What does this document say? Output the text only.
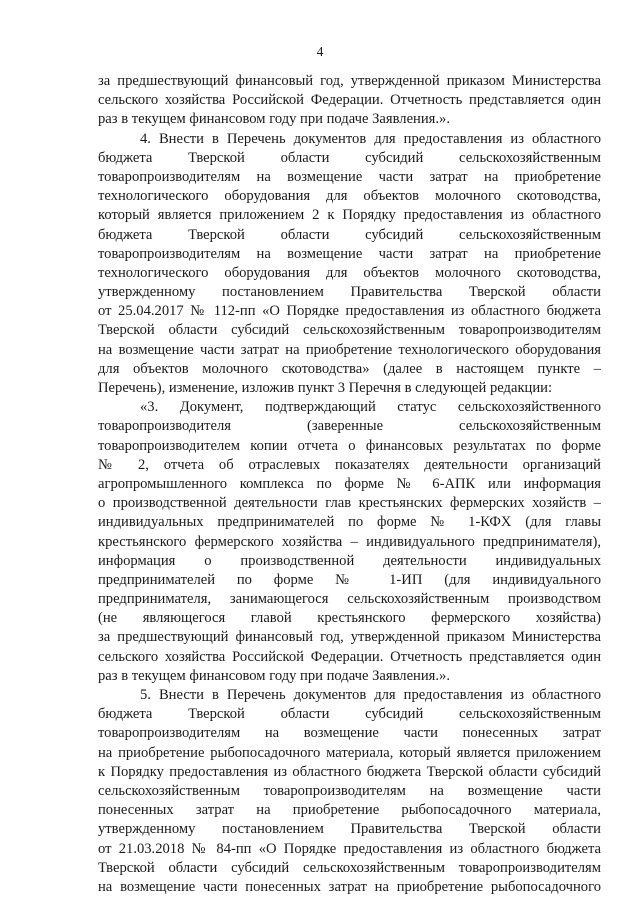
4
за предшествующий финансовый год, утвержденной приказом Министерства
сельского хозяйства Российской Федерации. Отчетность представляется один
раз в текущем финансовом году при подаче Заявления.».
4. Внести в Перечень документов для предоставления из областного
бюджета Тверской области субсидий сельскохозяйственным
товаропроизводителям на возмещение части затрат на приобретение
технологического оборудования для объектов молочного скотоводства,
который является приложением 2 к Порядку предоставления из областного
бюджета Тверской области субсидий сельскохозяйственным
товаропроизводителям на возмещение части затрат на приобретение
технологического оборудования для объектов молочного скотоводства,
утвержденному постановлением Правительства Тверской области
от 25.04.2017 № 112-пп «О Порядке предоставления из областного бюджета
Тверской области субсидий сельскохозяйственным товаропроизводителям
на возмещение части затрат на приобретение технологического оборудования
для объектов молочного скотоводства» (далее в настоящем пункте –
Перечень), изменение, изложив пункт 3 Перечня в следующей редакции:
«3. Документ, подтверждающий статус сельскохозяйственного
товаропроизводителя (заверенные сельскохозяйственным
товаропроизводителем копии отчета о финансовых результатах по форме
№ 2, отчета об отраслевых показателях деятельности организаций
агропромышленного комплекса по форме № 6-АПК или информация
о производственной деятельности глав крестьянских фермерских хозяйств –
индивидуальных предпринимателей по форме № 1-КФХ (для главы
крестьянского фермерского хозяйства – индивидуального предпринимателя),
информация о производственной деятельности индивидуальных
предпринимателей по форме № 1-ИП (для индивидуального
предпринимателя, занимающегося сельскохозяйственным производством
(не являющегося главой крестьянского фермерского хозяйства)
за предшествующий финансовый год, утвержденной приказом Министерства
сельского хозяйства Российской Федерации. Отчетность представляется один
раз в текущем финансовом году при подаче Заявления.».
5. Внести в Перечень документов для предоставления из областного
бюджета Тверской области субсидий сельскохозяйственным
товаропроизводителям на возмещение части понесенных затрат
на приобретение рыбопосадочного материала, который является приложением
к Порядку предоставления из областного бюджета Тверской области субсидий
сельскохозяйственным товаропроизводителям на возмещение части
понесенных затрат на приобретение рыбопосадочного материала,
утвержденному постановлением Правительства Тверской области
от 21.03.2018 № 84-пп «О Порядке предоставления из областного бюджета
Тверской области субсидий сельскохозяйственным товаропроизводителям
на возмещение части понесенных затрат на приобретение рыбопосадочного
